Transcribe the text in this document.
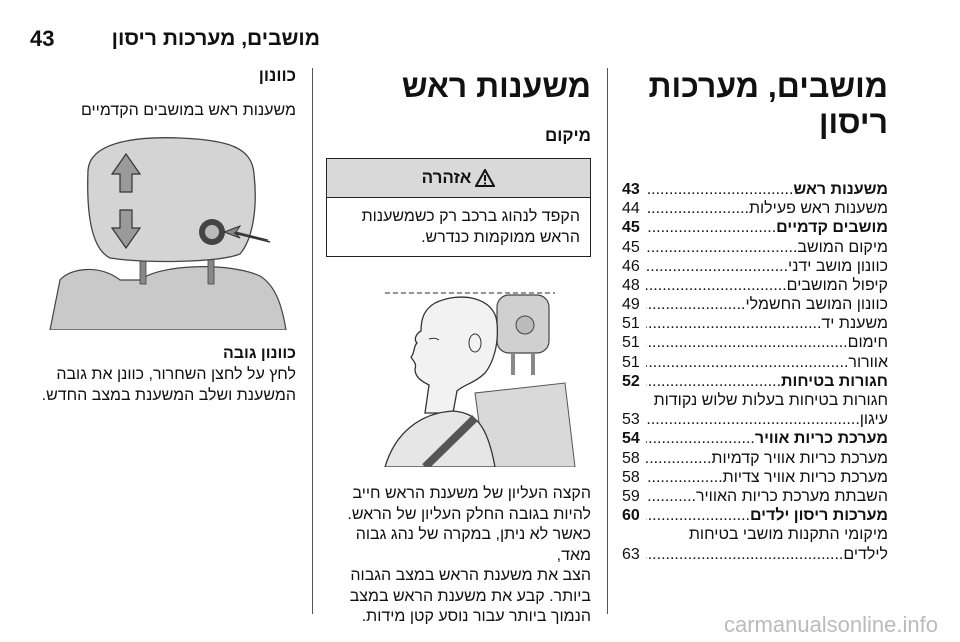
43	מושבים, מערכות ריסון
מושבים, מערכות
ריסון
משענות ראש
.....
43
משענות ראש פעילות
.....
44
מושבים קדמיים
.....
45
מיקום המושב
.....
45
כוונון מושב ידני
.....
46
קיפול המושבים
.....
48
כוונון המושב החשמלי
.....
49
משענת יד
.....
51
חימום
.....
51
אוורור
.....
51
חגורות בטיחות
.....
52
חגורות בטיחות בעלות שלוש נקודות
עיגון
.....
53
מערכת כריות אוויר
.....
54
מערכת כריות אוויר קדמיות
.....
58
מערכת כריות אוויר צדיות
.....
58
השבתת מערכת כריות האוויר
.....
59
מערכות ריסון ילדים
.....
60
מיקומי התקנות מושבי בטיחות
לילדים
.....
63
משענות ראש
מיקום
אזהרה
הקפד לנהוג ברכב רק כשמשענות
הראש ממוקמות כנדרש.
הקצה העליון של משענת הראש חייב
להיות בגובה החלק העליון של הראש.
כאשר לא ניתן, במקרה של נהג גבוה מאד,
הצב את משענת הראש במצב הגבוה
ביותר. קבע את משענת הראש במצב
הנמוך ביותר עבור נוסע קטן מידות.
כוונון
משענות ראש במושבים הקדמיים
כוונון גובה
לחץ על לחצן השחרור, כוונן את גובה
המשענת ושלב המשענת במצב החדש.
carmanualsonline.info
